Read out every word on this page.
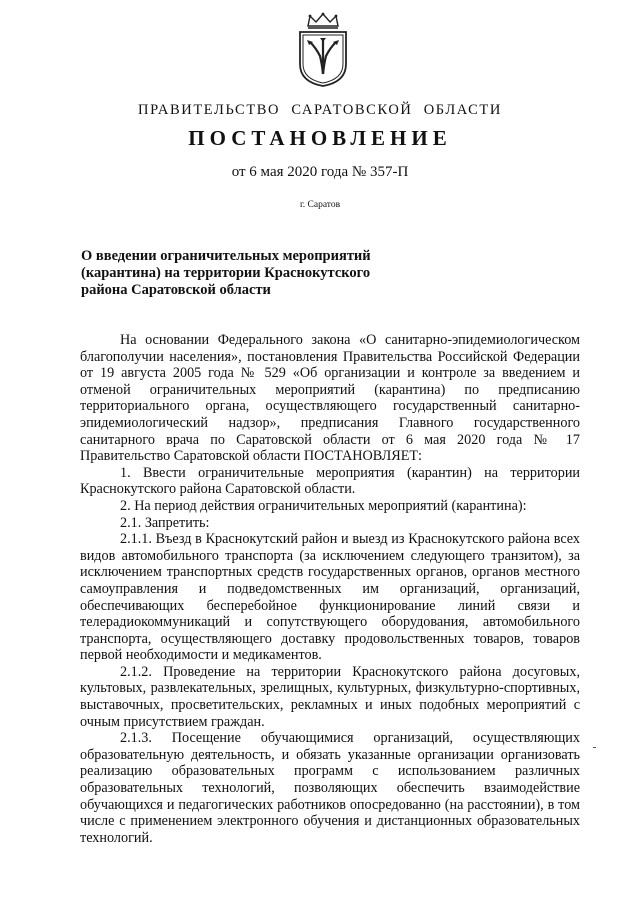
ПРАВИТЕЛЬСТВО САРАТОВСКОЙ ОБЛАСТИ
ПОСТАНОВЛЕНИЕ
от 6 мая 2020 года № 357-П
г. Саратов
О введении ограничительных мероприятий
(карантина) на территории Краснокутского
района Саратовской области

На основании Федерального закона «О санитарно-эпидемиологическом благополучии населения», постановления Правительства Российской Федерации от 19 августа 2005 года № 529 «Об организации и контроле за введением и отменой ограничительных мероприятий (карантина) по предписанию территориального органа, осуществляющего государственный санитарно-эпидемиологический надзор», предписания Главного государственного санитарного врача по Саратовской области от 6 мая 2020 года № 17 Правительство Саратовской области ПОСТАНОВЛЯЕТ:

1. Ввести ограничительные мероприятия (карантин) на территории Краснокутского района Саратовской области.

2. На период действия ограничительных мероприятий (карантина):

2.1. Запретить:

2.1.1. Въезд в Краснокутский район и выезд из Краснокутского района всех видов автомобильного транспорта (за исключением следующего транзитом), за исключением транспортных средств государственных органов, органов местного самоуправления и подведомственных им организаций, организаций, обеспечивающих бесперебойное функционирование линий связи и телерадиокоммуникаций и сопутствующего оборудования, автомобильного транспорта, осуществляющего доставку продовольственных товаров, товаров первой необходимости и медикаментов.

2.1.2. Проведение на территории Краснокутского района досуговых, культовых, развлекательных, зрелищных, культурных, физкультурно-спортивных, выставочных, просветительских, рекламных и иных подобных мероприятий с очным присутствием граждан.

2.1.3. Посещение обучающимися организаций, осуществляющих образовательную деятельность, и обязать указанные организации организовать реализацию образовательных программ с использованием различных образовательных технологий, позволяющих обеспечить взаимодействие обучающихся и педагогических работников опосредованно (на расстоянии), в том числе с применением электронного обучения и дистанционных образовательных технологий.
